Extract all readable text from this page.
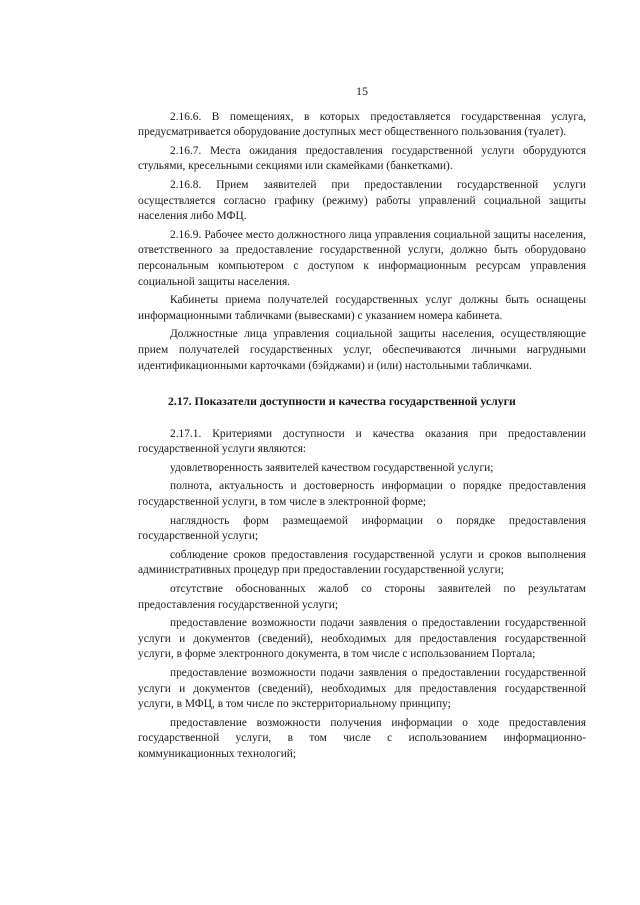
15

2.16.6. В помещениях, в которых предоставляется государственная услуга, предусматривается оборудование доступных мест общественного пользования (туалет).

2.16.7. Места ожидания предоставления государственной услуги оборудуются стульями, кресельными секциями или скамейками (банкетками).

2.16.8. Прием заявителей при предоставлении государственной услуги осуществляется согласно графику (режиму) работы управлений социальной защиты населения либо МФЦ.

2.16.9. Рабочее место должностного лица управления социальной защиты населения, ответственного за предоставление государственной услуги, должно быть оборудовано персональным компьютером с доступом к информационным ресурсам управления социальной защиты населения.

Кабинеты приема получателей государственных услуг должны быть оснащены информационными табличками (вывесками) с указанием номера кабинета.

Должностные лица управления социальной защиты населения, осуществляющие прием получателей государственных услуг, обеспечиваются личными нагрудными идентификационными карточками (бэйджами) и (или) настольными табличками.

2.17. Показатели доступности и качества государственной услуги

2.17.1. Критериями доступности и качества оказания при предоставлении государственной услуги являются:

удовлетворенность заявителей качеством государственной услуги;

полнота, актуальность и достоверность информации о порядке предоставления государственной услуги, в том числе в электронной форме;

наглядность форм размещаемой информации о порядке предоставления государственной услуги;

соблюдение сроков предоставления государственной услуги и сроков выполнения административных процедур при предоставлении государственной услуги;

отсутствие обоснованных жалоб со стороны заявителей по результатам предоставления государственной услуги;

предоставление возможности подачи заявления о предоставлении государственной услуги и документов (сведений), необходимых для предоставления государственной услуги, в форме электронного документа, в том числе с использованием Портала;

предоставление возможности подачи заявления о предоставлении государственной услуги и документов (сведений), необходимых для предоставления государственной услуги, в МФЦ, в том числе по экстерриториальному принципу;

предоставление возможности получения информации о ходе предоставления государственной услуги, в том числе с использованием информационно-коммуникационных технологий;
